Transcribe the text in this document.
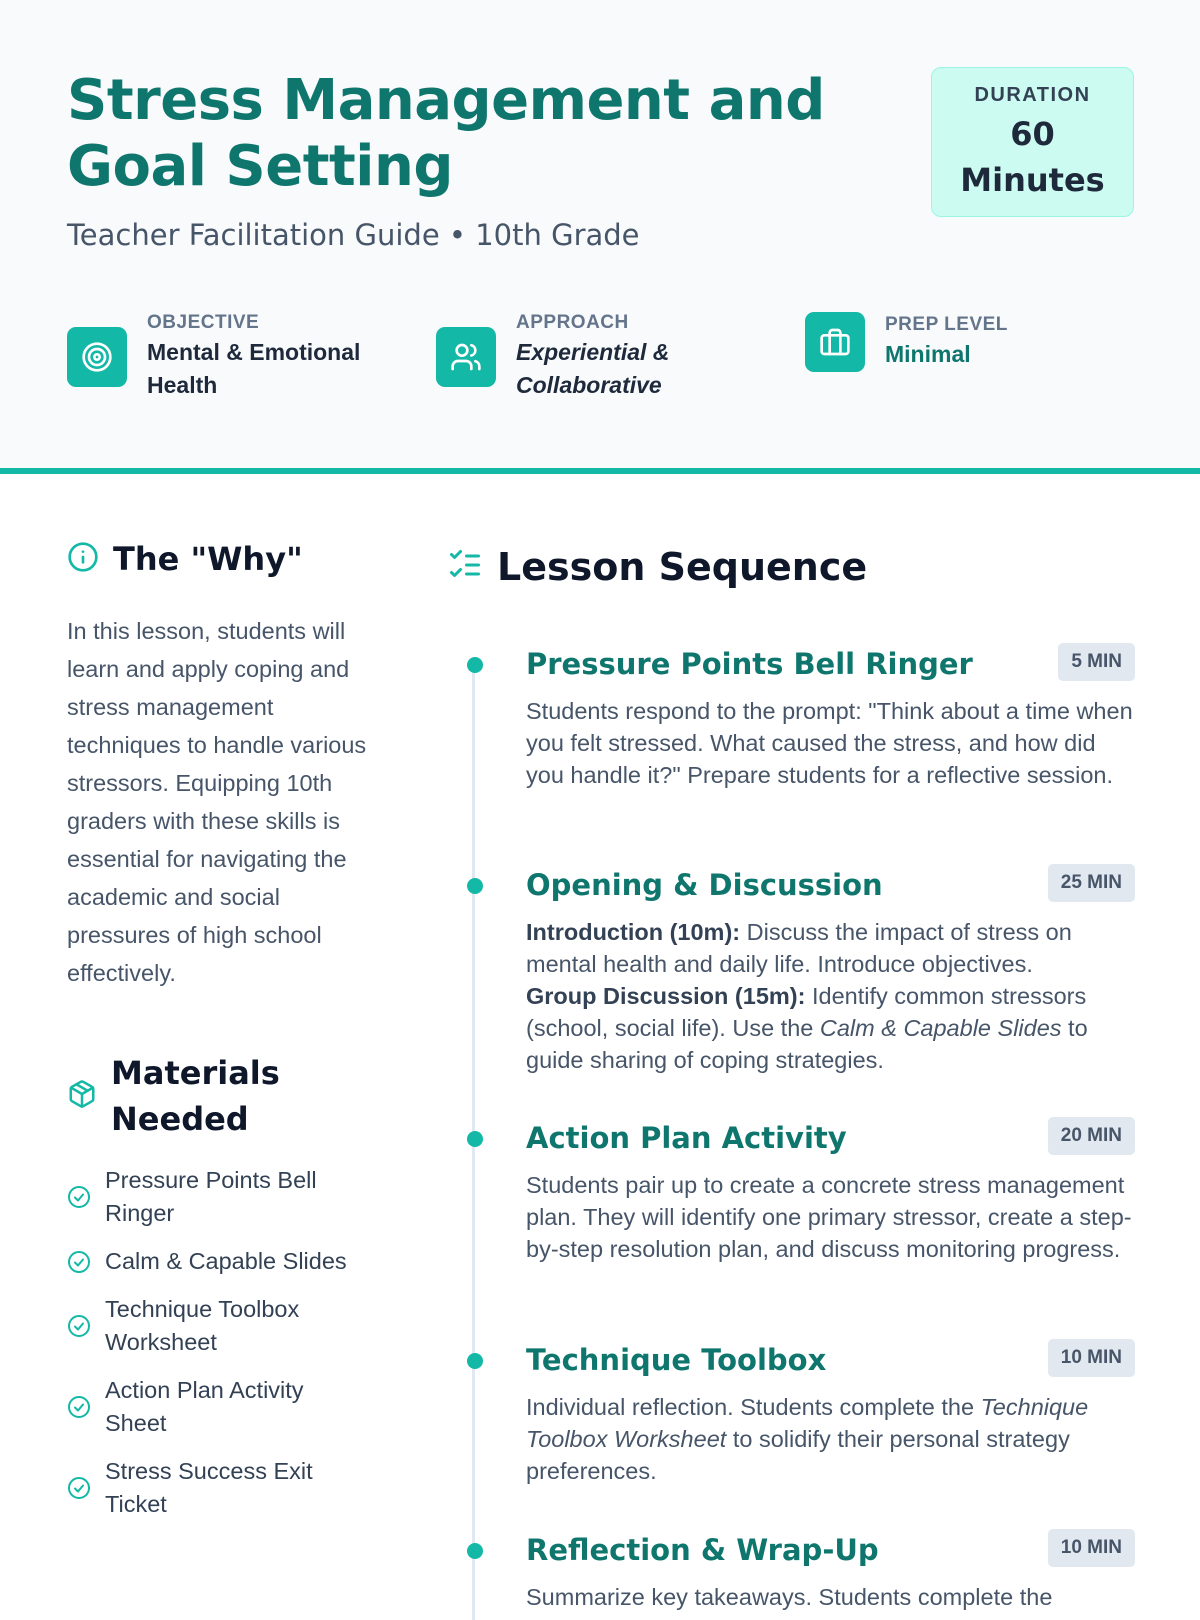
Stress Management and Goal Setting
Teacher Facilitation Guide • 10th Grade
DURATION
60
Minutes
OBJECTIVE
Mental & Emotional Health
APPROACH
Experiential & Collaborative
PREP LEVEL
Minimal
The "Why"

In this lesson, students will learn and apply coping and stress management techniques to handle various stressors. Equipping 10th graders with these skills is essential for navigating the academic and social pressures of high school effectively.

Materials Needed
Pressure Points Bell Ringer
Calm & Capable Slides
Technique Toolbox Worksheet
Action Plan Activity Sheet
Stress Success Exit Ticket
Lesson Sequence
Pressure Points Bell Ringer	5 MIN
Students respond to the prompt: "Think about a time when you felt stressed. What caused the stress, and how did you handle it?" Prepare students for a reflective session.
Opening & Discussion	25 MIN
Introduction (10m): Discuss the impact of stress on mental health and daily life. Introduce objectives.
Group Discussion (15m): Identify common stressors (school, social life). Use the Calm & Capable Slides to guide sharing of coping strategies.
Action Plan Activity	20 MIN
Students pair up to create a concrete stress management plan. They will identify one primary stressor, create a step-by-step resolution plan, and discuss monitoring progress.
Technique Toolbox	10 MIN
Individual reflection. Students complete the Technique Toolbox Worksheet to solidify their personal strategy preferences.
Reflection & Wrap-Up	10 MIN
Summarize key takeaways. Students complete the
